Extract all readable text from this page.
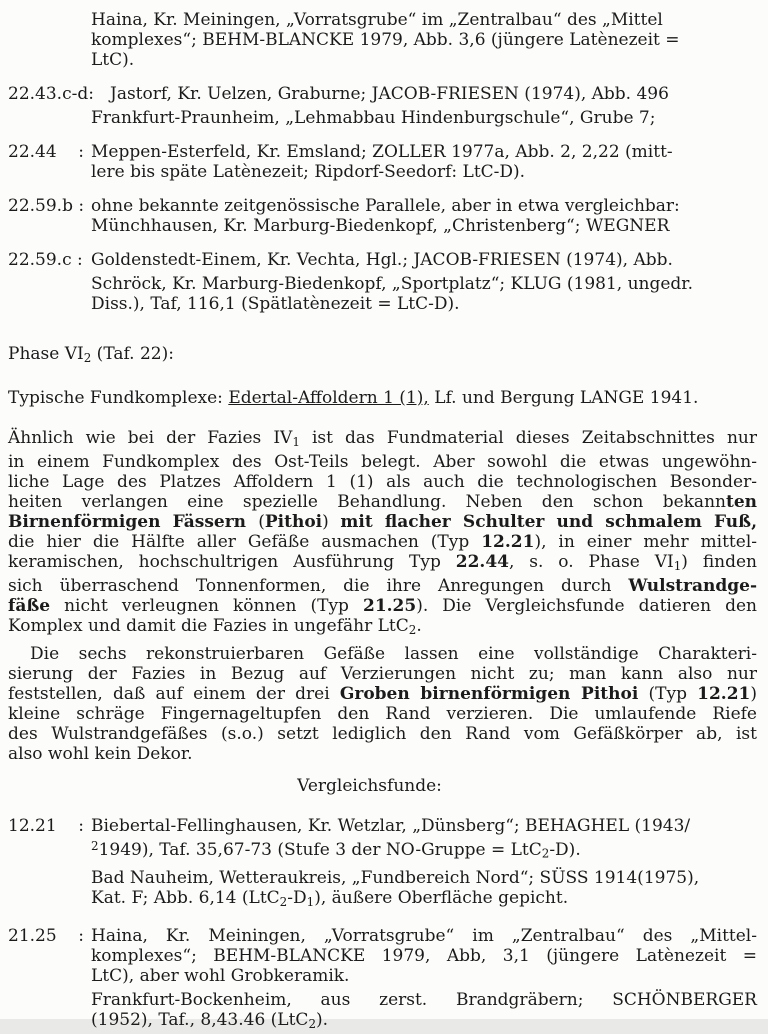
Haina, Kr. Meiningen, „Vorratsgrube“ im „Zentralbau“ des „Mittel
komplexes“; BEHM-BLANCKE 1979, Abb. 3,6 (jüngere Latènezeit =
LtC).
22.43.c-d: Jastorf, Kr. Uelzen, Graburne; JACOB-FRIESEN (1974), Abb. 496
Frankfurt-Praunheim, „Lehmabbau Hindenburgschule“, Grube 7;
22.44    : Meppen-Esterfeld, Kr. Emsland; ZOLLER 1977a, Abb. 2, 2,22 (mitt-
lere bis späte Latènezeit; Ripdorf-Seedorf: LtC-D).
22.59.b : ohne bekannte zeitgenössische Parallele, aber in etwa vergleichbar:
Münchhausen, Kr. Marburg-Biedenkopf, „Christenberg“; WEGNER
22.59.c : Goldenstedt-Einem, Kr. Vechta, Hgl.; JACOB-FRIESEN (1974), Abb.
Schröck, Kr. Marburg-Biedenkopf, „Sportplatz“; KLUG (1981, ungedr.
Diss.), Taf, 116,1 (Spätlatènezeit = LtC-D).
Phase $VI_2$ (Taf. 22):
Typische Fundkomplexe: Edertal-Affoldern 1 (1), Lf. und Bergung LANGE 1941.
Ähnlich wie bei der Fazies $IV_1$ ist das Fundmaterial dieses Zeitabschnittes nur
in einem Fundkomplex des Ost-Teils belegt. Aber sowohl die etwas ungewöhn-
liche Lage des Platzes Affoldern 1 (1) als auch die technologischen Besonder-
heiten verlangen eine spezielle Behandlung. Neben den schon bekannten
Birnenförmigen Fässern (Pithoi) mit flacher Schulter und schmalem Fuß,
die hier die Hälfte aller Gefäße ausmachen (Typ 12.21), in einer mehr mittel-
keramischen, hochschultrigen Ausführung Typ 22.44, s. o. Phase $VI_1$) finden
sich überraschend Tonnenformen, die ihre Anregungen durch Wulstrandge-
fäße nicht verleugnen können (Typ 21.25). Die Vergleichsfunde datieren den
Komplex und damit die Fazies in ungefähr LtC$_2$.
Die sechs rekonstruierbaren Gefäße lassen eine vollständige Charakteri-
sierung der Fazies in Bezug auf Verzierungen nicht zu; man kann also nur
feststellen, daß auf einem der drei Groben birnenförmigen Pithoi (Typ 12.21)
kleine schräge Fingernageltupfen den Rand verzieren. Die umlaufende Riefe
des Wulstrandgefäßes (s.o.) setzt lediglich den Rand vom Gefäßkörper ab, ist
also wohl kein Dekor.
Vergleichsfunde:
12.21    : Biebertal-Fellinghausen, Kr. Wetzlar, „Dünsberg“; BEHAGHEL (1943/
$^2$1949), Taf. 35,67-73 (Stufe 3 der NO-Gruppe = LtC$_2$-D).
Bad Nauheim, Wetteraukreis, „Fundbereich Nord“; SÜSS 1914(1975),
Kat. F; Abb. 6,14 $(LtC_2-D_1)$, äußere Oberfläche gepicht.
21.25    : Haina, Kr. Meiningen, „Vorratsgrube“ im „Zentralbau“ des „Mittel-
komplexes“; BEHM-BLANCKE 1979, Abb, 3,1 (jüngere Latènezeit =
LtC), aber wohl Grobkeramik.
Frankfurt-Bockenheim, aus zerst. Brandgräbern; SCHÖNBERGER
(1952), Taf., 8,43.46 (LtC$_2$).
